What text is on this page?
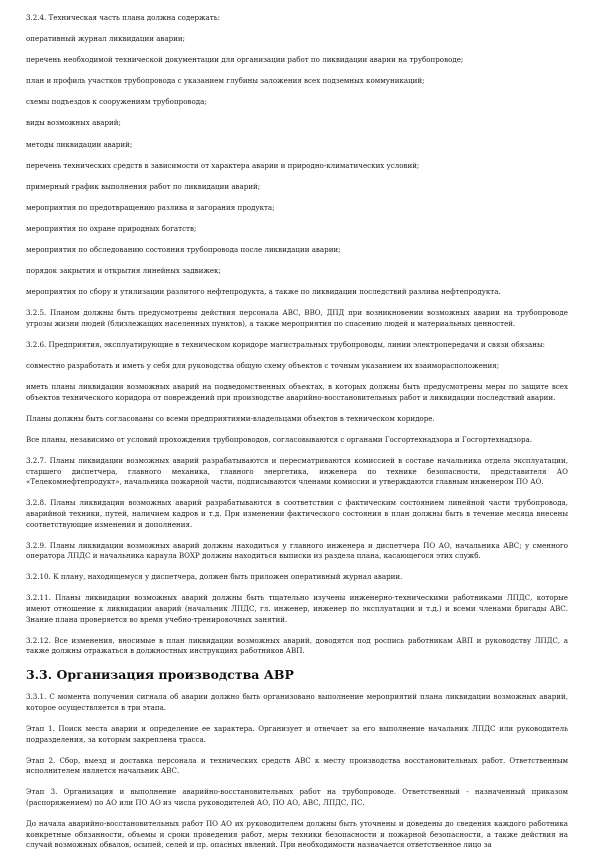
3.2.4. Техническая часть плана должна содержать:

оперативный журнал ликвидации аварии;

перечень необходимой технической документации для организации работ по ликвидации аварии на трубопроводе;

план и профиль участков трубопровода с указанием глубины заложения всех подземных коммуникаций;

схемы подъездов к сооружениям трубопровода;

виды возможных аварий;

методы ликвидации аварий;

перечень технических средств в зависимости от характера аварии и природно-климатических условий;

примерный график выполнения работ по ликвидации аварий;

мероприятия по предотвращению разлива и загорания продукта;

мероприятия по охране природных богатств;

мероприятия по обследованию состояния трубопровода после ликвидации аварии;

порядок закрытия и открытия линейных задвижек;

мероприятия по сбору и утилизации разлитого нефтепродукта, а также по ликвидации последствий разлива нефтепродукта.

3.2.5. Планом должны быть предусмотрены действия персонала АВС, ВВО, ДПД при возникновении возможных аварии на трубопроводе угрозы жизни людей (близлежащих населенных пунктов), а также мероприятия по спасению людей и материальных ценностей.

3.2.6. Предприятия, эксплуатирующие в техническом коридоре магистральных трубопроводы, линии электропередачи и связи обязаны:

совместно разработать и иметь у себя для руководства общую схему объектов с точным указанием их взаиморасположения;

иметь планы ликвидации возможных аварий на подведомственных объектах, в которых должны быть предусмотрены меры по защите всех объектов технического коридора от повреждений при производстве аварийно-восстановительных работ и ликвидации последствий аварии.

Планы должны быть согласованы со всеми предприятиями-владельцами объектов в техническом коридоре.

Все планы, независимо от условий прохождения трубопроводов, согласовываются с органами Госгортехнадзора и Госгортехнадзора.

3.2.7. Планы ликвидации возможных аварий разрабатываются и пересматриваются комиссией в составе начальника отдела эксплуатации, старшего диспетчера, главного механика, главного энергетика, инженера по технике безопасности, представителя АО «Телекомнефтепродукт», начальника пожарной части, подписываются членами комиссии и утверждаются главным инженером ПО АО.

3.2.8. Планы ликвидации возможных аварий разрабатываются в соответствии с фактическим состоянием линейной части трубопровода, аварийной техники, путей, наличием кадров и т.д. При изменении фактического состояния в план должны быть в течение месяца внесены соответствующие изменения и дополнения.

3.2.9. Планы ликвидации возможных аварий должны находиться у главного инженера и диспетчера ПО АО, начальника АВС; у сменного оператора ЛПДС и начальника караула ВОХР должны находиться выписки из раздела плана, касающегося этих служб.

3.2.10. К плану, находящемуся у диспетчера, должен быть приложен оперативный журнал аварии.

3.2.11. Планы ликвидации возможных аварий должны быть тщательно изучены инженерно-техническими работниками ЛПДС, которые имеют отношение к ликвидации аварий (начальник ЛПДС, гл. инженер, инженер по эксплуатации и т.д.) и всеми членами бригады АВС. Знание плана проверяется во время учебно-тренировочных занятий.

3.2.12. Все изменения, вносимые в план ликвидации возможных аварий, доводятся под роспись работникам АВП и руководству ЛПДС, а также должны отражаться в должностных инструкциях работников АВП.

3.3. Организация производства АВР

3.3.1. С момента получения сигнала об аварии должно быть организовано выполнение мероприятий плана ликвидации возможных аварий, которое осуществляется в три этапа.

Этап 1. Поиск места аварии и определение ее характера. Организует и отвечает за его выполнение начальник ЛПДС или руководитель подразделения, за которым закреплена трасса.

Этап 2. Сбор, выезд и доставка персонала и технических средств АВС к месту производства восстановительных работ. Ответственным исполнителем является начальник АВС.

Этап 3. Организация и выполнение аварийно-восстановительных работ на трубопроводе. Ответственный - назначенный приказом (распоряжением) по АО или ПО АО из числа руководителей АО, ПО АО, АВС, ЛПДС, ПС.

До начала аварийно-восстановительных работ ПО АО их руководителем должны быть уточнены и доведены до сведения каждого работника конкретные обязанности, объемы и сроки проведения работ, меры техники безопасности и пожарной безопасности, а также действия на случай возможных обвалов, осыпей, селей и пр. опасных явлений. При необходимости назначается ответственное лицо за
